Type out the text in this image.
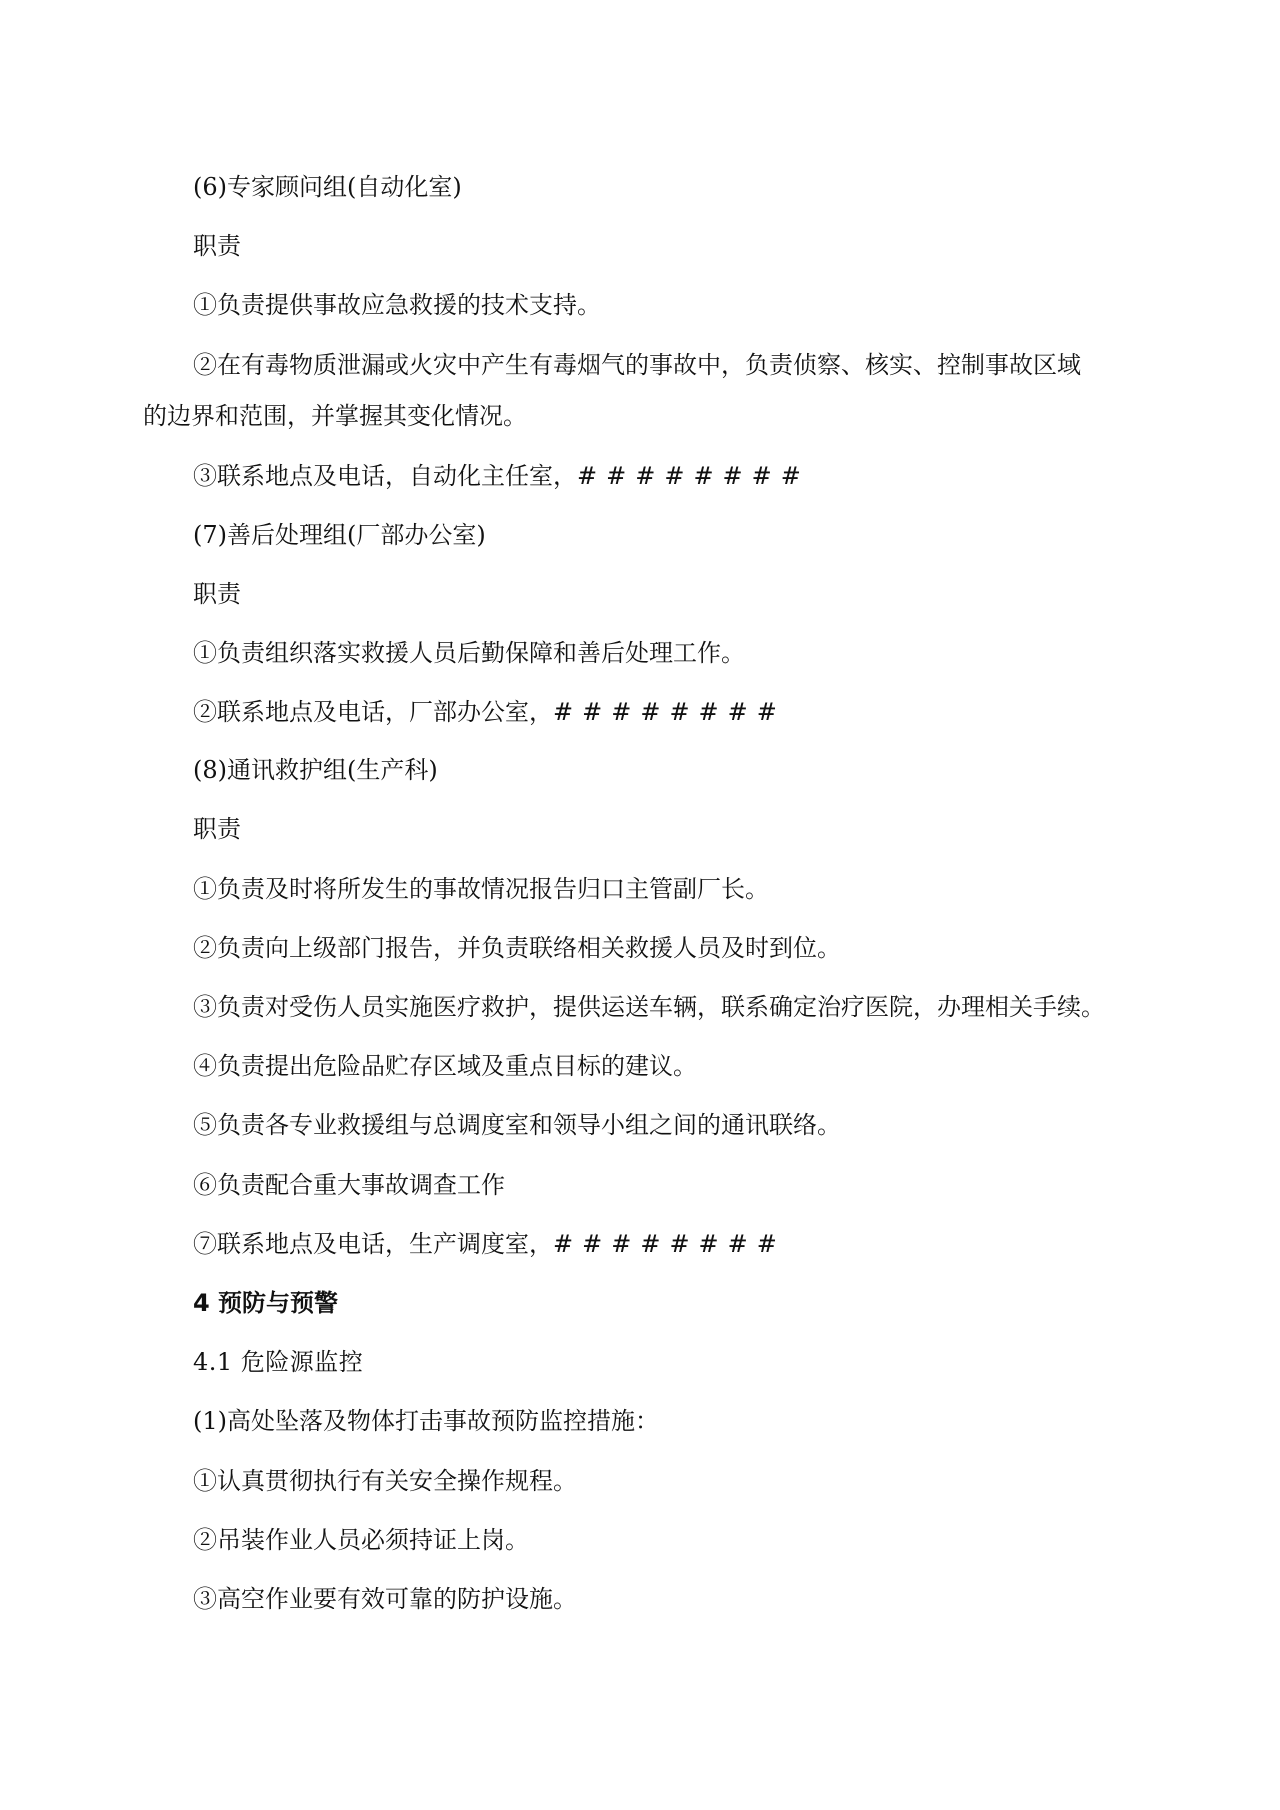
(6)专家顾问组(自动化室)
职责
①负责提供事故应急救援的技术支持。
②在有毒物质泄漏或火灾中产生有毒烟气的事故中，负责侦察、核实、控制事故区域
的边界和范围，并掌握其变化情况。
③联系地点及电话，自动化主任室，########
(7)善后处理组(厂部办公室)
职责
①负责组织落实救援人员后勤保障和善后处理工作。
②联系地点及电话，厂部办公室，########
(8)通讯救护组(生产科)
职责
①负责及时将所发生的事故情况报告归口主管副厂长。
②负责向上级部门报告，并负责联络相关救援人员及时到位。
③负责对受伤人员实施医疗救护，提供运送车辆，联系确定治疗医院，办理相关手续。
④负责提出危险品贮存区域及重点目标的建议。
⑤负责各专业救援组与总调度室和领导小组之间的通讯联络。
⑥负责配合重大事故调查工作
⑦联系地点及电话，生产调度室，########
4 预防与预警
4.1 危险源监控
(1)高处坠落及物体打击事故预防监控措施：
①认真贯彻执行有关安全操作规程。
②吊装作业人员必须持证上岗。
③高空作业要有效可靠的防护设施。
